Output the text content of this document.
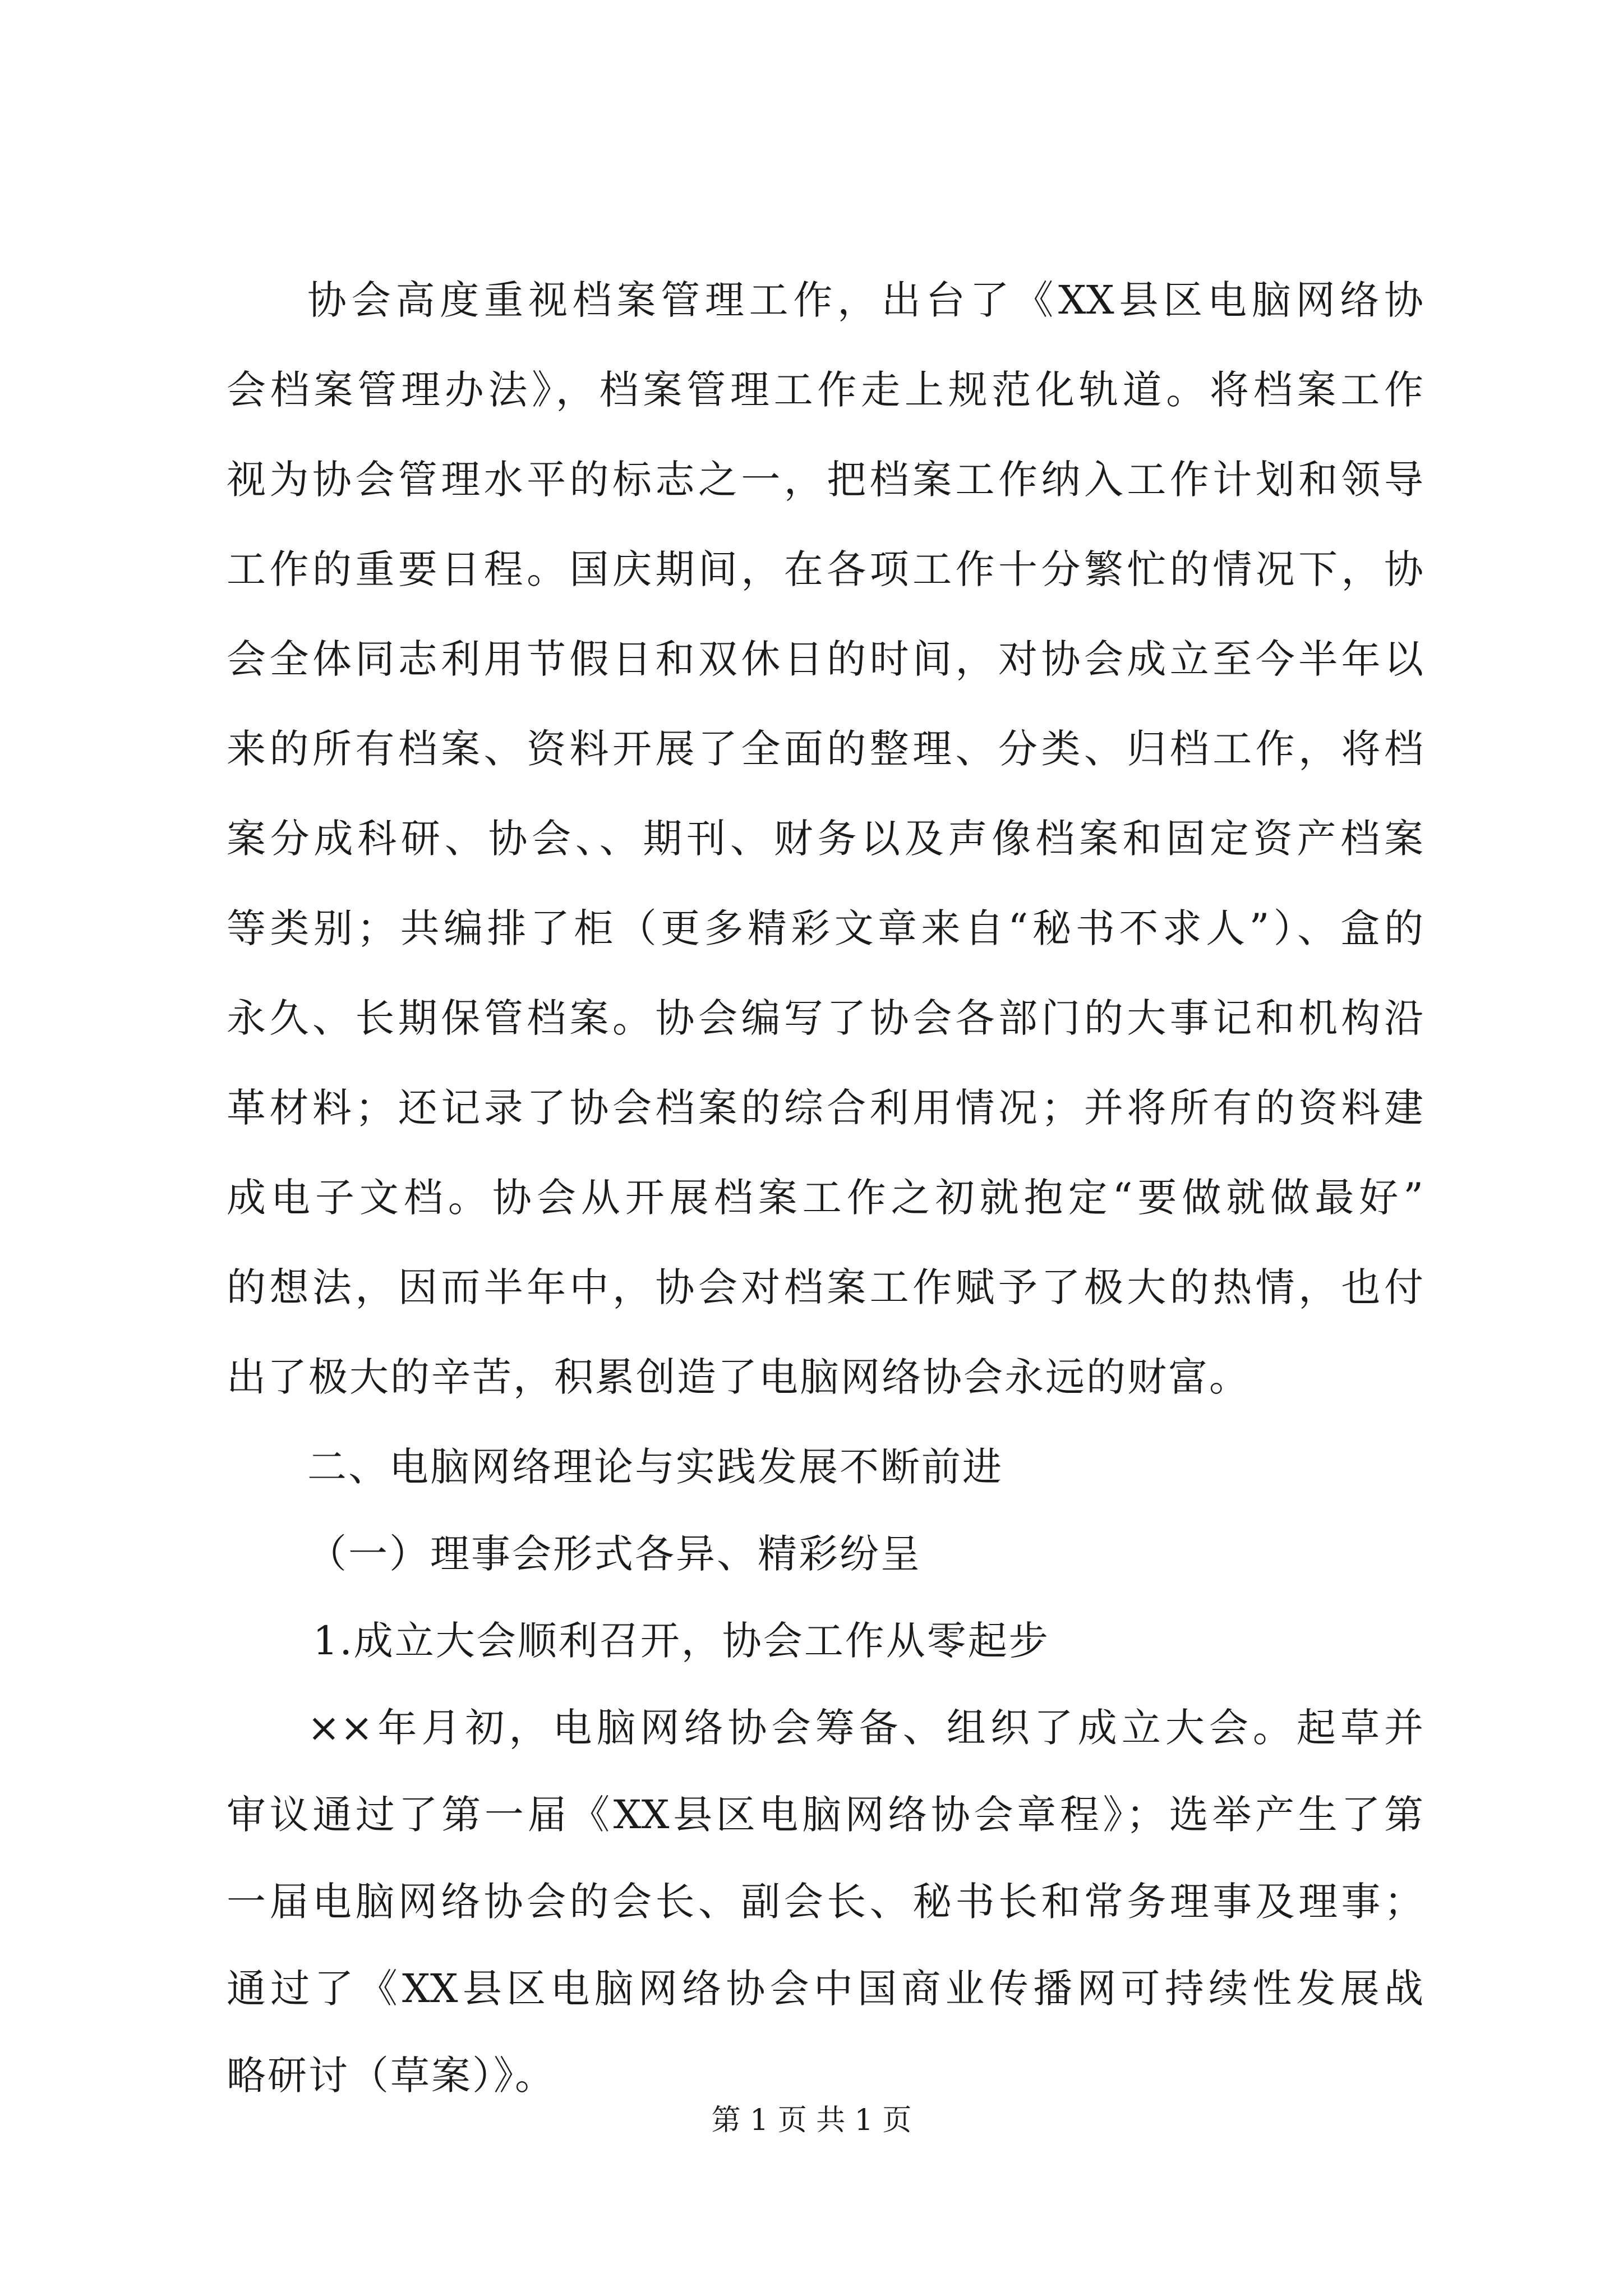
协会高度重视档案管理工作，出台了《XX县区电脑网络协
会档案管理办法》，档案管理工作走上规范化轨道。将档案工作
视为协会管理水平的标志之一，把档案工作纳入工作计划和领导
工作的重要日程。国庆期间，在各项工作十分繁忙的情况下，协
会全体同志利用节假日和双休日的时间，对协会成立至今半年以
来的所有档案、资料开展了全面的整理、分类、归档工作，将档
案分成科研、协会、、期刊、财务以及声像档案和固定资产档案
等类别；共编排了柜（更多精彩文章来自“秘书不求人”）、盒的
永久、长期保管档案。协会编写了协会各部门的大事记和机构沿
革材料；还记录了协会档案的综合利用情况；并将所有的资料建
成电子文档。协会从开展档案工作之初就抱定“要做就做最好”
的想法，因而半年中，协会对档案工作赋予了极大的热情，也付
出了极大的辛苦，积累创造了电脑网络协会永远的财富。
二、电脑网络理论与实践发展不断前进
（一）理事会形式各异、精彩纷呈
1.成立大会顺利召开，协会工作从零起步
××年月初，电脑网络协会筹备、组织了成立大会。起草并
审议通过了第一届《XX县区电脑网络协会章程》；选举产生了第
一届电脑网络协会的会长、副会长、秘书长和常务理事及理事；
通过了《XX县区电脑网络协会中国商业传播网可持续性发展战
略研讨（草案）》。
第 1 页 共 1 页
